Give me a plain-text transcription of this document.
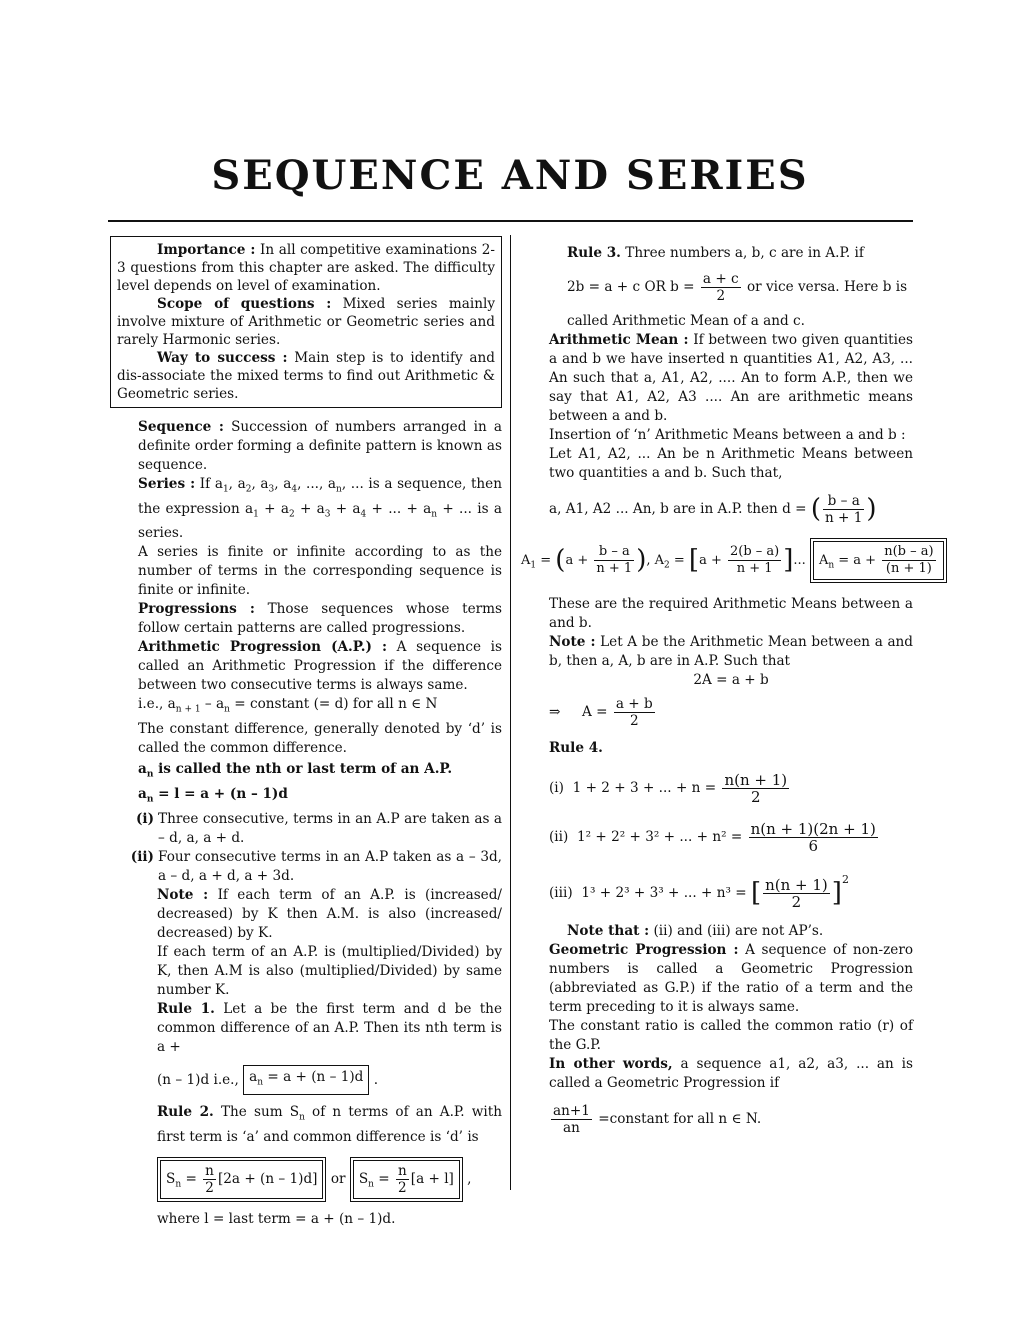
SEQUENCE AND SERIES

Importance : In all competitive examinations 2-3 questions from this chapter are asked. The difficulty level depends on level of examination.

Scope of questions : Mixed series mainly involve mixture of Arithmetic or Geometric series and rarely Harmonic series.

Way to success : Main step is to identify and dis-associate the mixed terms to find out Arithmetic & Geometric series.

Sequence : Succession of numbers arranged in a definite order forming a definite pattern is known as sequence.

Series : If $a_1$, $a_2$, $a_3$, $a_4$, ..., $a_n$, ... is a sequence, then the expression $a_1 + a_2 + a_3 + a_4$ + ... + $a_n$ + ... is a series.

A series is finite or infinite according to as the number of terms in the corresponding sequence is finite or infinite.

Progressions : Those sequences whose terms follow certain patterns are called progressions.

Arithmetic Progression (A.P.) : A sequence is called an Arithmetic Progression if the difference between two consecutive terms is always same.

i.e., $a_{n + 1} - a_n$ = constant (= d) for all n ∈ N

The constant difference, generally denoted by ‘d’ is called the common difference.

$a_n$ is called the nth or last term of an A.P.

$a_n = l = a + (n - 1)d$

(i) Three consecutive, terms in an A.P are taken as a – d, a, a + d.
(ii) Four consecutive terms in an A.P taken as a – 3d, a – d, a + d, a + 3d.

Note : If each term of an A.P. is (increased/ decreased) by K then A.M. is also (increased/ decreased) by K.

If each term of an A.P. is (multiplied/Divided) by K, then A.M is also (multiplied/Divided) by same number K.

Rule 1. Let a be the first term and d be the common difference of an A.P. Then its nth term is a +

(n – 1)d i.e., $a_n = a + (n - 1)d$ .

Rule 2. The sum $S_n$ of n terms of an A.P. with first term is ‘a’ and common difference is ‘d’ is

$S_n = \frac{n}{2} [2a + (n - 1)d]$ or $S_n = \frac{n}{2} [a + l]$ ,

where l = last term = a + (n – 1)d.

Rule 3. Three numbers a, b, c are in A.P. if

2b = a + c OR $b = \frac{a + c}{2}$ or vice versa. Here b is

called Arithmetic Mean of a and c.

Arithmetic Mean : If between two given quantities a and b we have inserted n quantities A1, A2, A3, ... An such that a, A1, A2, .... An to form A.P., then we say that A1, A2, A3 .... An are arithmetic means between a and b.

Insertion of ‘n’ Arithmetic Means between a and b :

Let A1, A2, ... An be n Arithmetic Means between two quantities a and b. Such that,

a, A1, A2 ... An, b are in A.P. then d = ( $\frac{b - a}{n + 1}$ )

$A_1 = (a + \frac{b - a}{n + 1}$ ), $A_2 = [a + \frac{2(b - a)}{n + 1}$ ]... $A_n = a + \frac{n(b - a)}{(n + 1)}$

These are the required Arithmetic Means between a and b.

Note : Let A be the Arithmetic Mean between a and b, then a, A, b are in A.P. Such that

2A = a + b

⇒ $A = \frac{a + b}{2}$

Rule 4.

(i) 1 + 2 + 3 + ... + $n = \frac{n(n + 1)}{2}$

(ii) 1² + 2² + 3² + ... + $n^2 = \frac{n(n + 1)(2n + 1)}{6}$

(iii) 1³ + 2³ + 3³ + ... + n³ = [ $\frac{n(n + 1)}{2} ]^2$

Note that : (ii) and (iii) are not AP’s.

Geometric Progression : A sequence of non-zero numbers is called a Geometric Progression (abbreviated as G.P.) if the ratio of a term and the term preceding to it is always same.

The constant ratio is called the common ratio (r) of the G.P.

In other words, a sequence a1, a2, a3, ... an is called a Geometric Progression if

$\frac{an+1}{an}$ =constant for all n ∈ N.
